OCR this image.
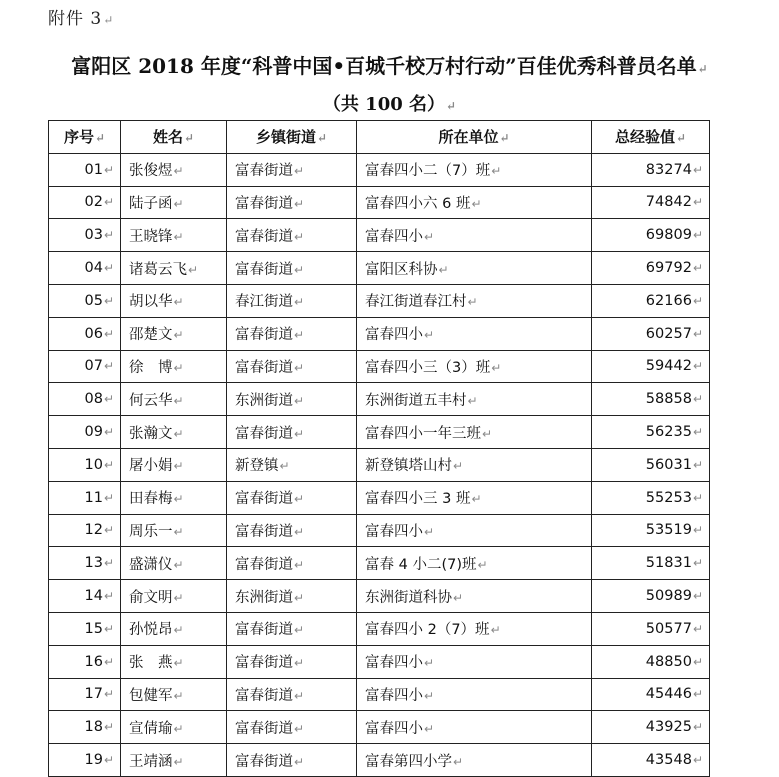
附件 3↵
富阳区 2018 年度“科普中国•百城千校万村行动”百佳优秀科普员名单↵
（共 100 名）↵
序号↵	姓名↵	乡镇街道↵	所在单位↵	总经验值↵
01↵	张俊煜↵	富春街道↵	富春四小二（7）班↵	83274↵
02↵	陆子函↵	富春街道↵	富春四小六 6 班↵	74842↵
03↵	王晓锋↵	富春街道↵	富春四小↵	69809↵
04↵	诸葛云飞↵	富春街道↵	富阳区科协↵	69792↵
05↵	胡以华↵	春江街道↵	春江街道春江村↵	62166↵
06↵	邵楚文↵	富春街道↵	富春四小↵	60257↵
07↵	徐　博↵	富春街道↵	富春四小三（3）班↵	59442↵
08↵	何云华↵	东洲街道↵	东洲街道五丰村↵	58858↵
09↵	张瀚文↵	富春街道↵	富春四小一年三班↵	56235↵
10↵	屠小娟↵	新登镇↵	新登镇塔山村↵	56031↵
11↵	田春梅↵	富春街道↵	富春四小三 3 班↵	55253↵
12↵	周乐一↵	富春街道↵	富春四小↵	53519↵
13↵	盛潇仪↵	富春街道↵	富春 4 小二(7)班↵	51831↵
14↵	俞文明↵	东洲街道↵	东洲街道科协↵	50989↵
15↵	孙悦昂↵	富春街道↵	富春四小 2（7）班↵	50577↵
16↵	张　燕↵	富春街道↵	富春四小↵	48850↵
17↵	包健军↵	富春街道↵	富春四小↵	45446↵
18↵	宣倩瑜↵	富春街道↵	富春四小↵	43925↵
19↵	王靖涵↵	富春街道↵	富春第四小学↵	43548↵
